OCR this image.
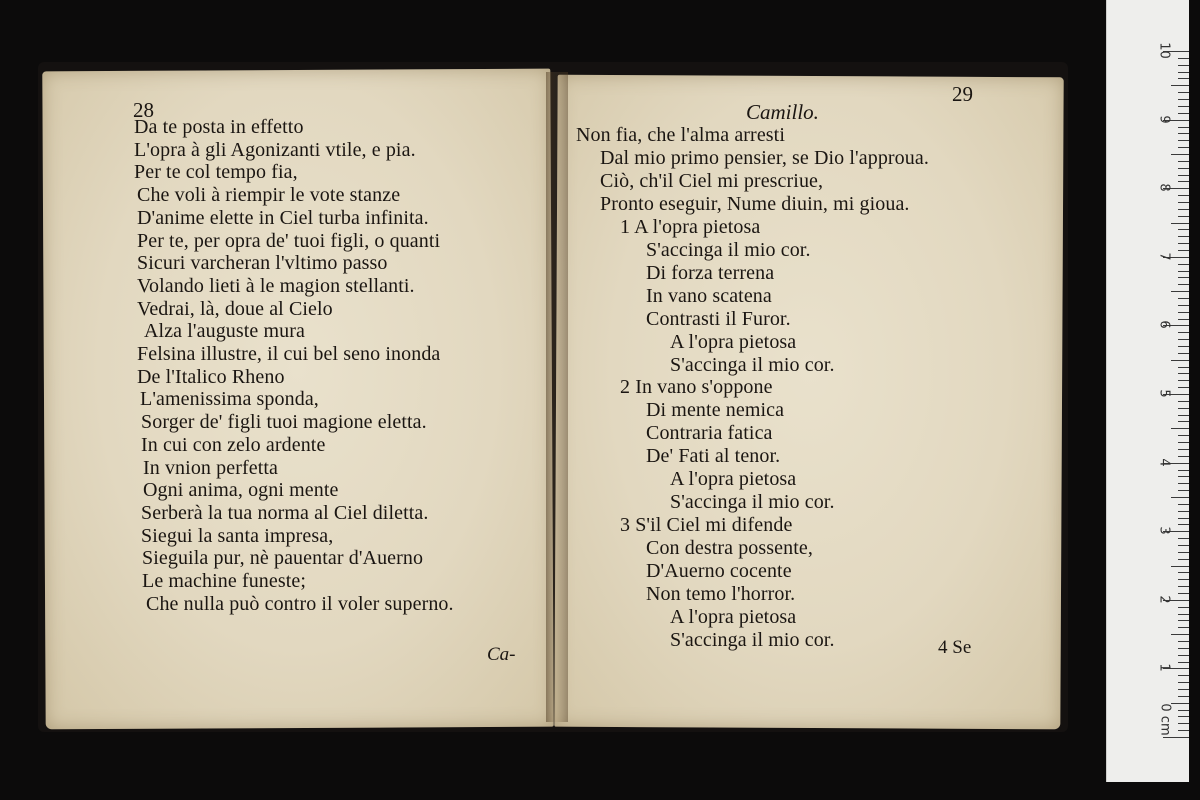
28
29
Camillo.
Da te posta in effetto
L'opra à gli Agonizanti vtile, e pia.
Per te col tempo fia,
Che voli à riempir le vote stanze
D'anime elette in Ciel turba infinita.
Per te, per opra de' tuoi figli, o quanti
Sicuri varcheran l'vltimo passo
Volando lieti à le magion stellanti.
Vedrai, là, doue al Cielo
Alza l'auguste mura
Felsina illustre, il cui bel seno inonda
De l'Italico Rheno
L'amenissima sponda,
Sorger de' figli tuoi magione eletta.
In cui con zelo ardente
In vnion perfetta
Ogni anima, ogni mente
Serberà la tua norma al Ciel diletta.
Siegui la santa impresa,
Sieguila pur, nè pauentar d'Auerno
Le machine funeste;
Che nulla può contro il voler superno.
Non fia, che l'alma arresti
Dal mio primo pensier, se Dio l'approua.
Ciò, ch'il Ciel mi prescriue,
Pronto eseguir, Nume diuin, mi gioua.
1 A l'opra pietosa
S'accinga il mio cor.
Di forza terrena
In vano scatena
Contrasti il Furor.
A l'opra pietosa
S'accinga il mio cor.
2 In vano s'oppone
Di mente nemica
Contraria fatica
De' Fati al tenor.
A l'opra pietosa
S'accinga il mio cor.
3 S'il Ciel mi difende
Con destra possente,
D'Auerno cocente
Non temo l'horror.
A l'opra pietosa
S'accinga il mio cor.
Ca-	4 Se
1
2
3
4
5
6
7
8
9
10
0 cm
